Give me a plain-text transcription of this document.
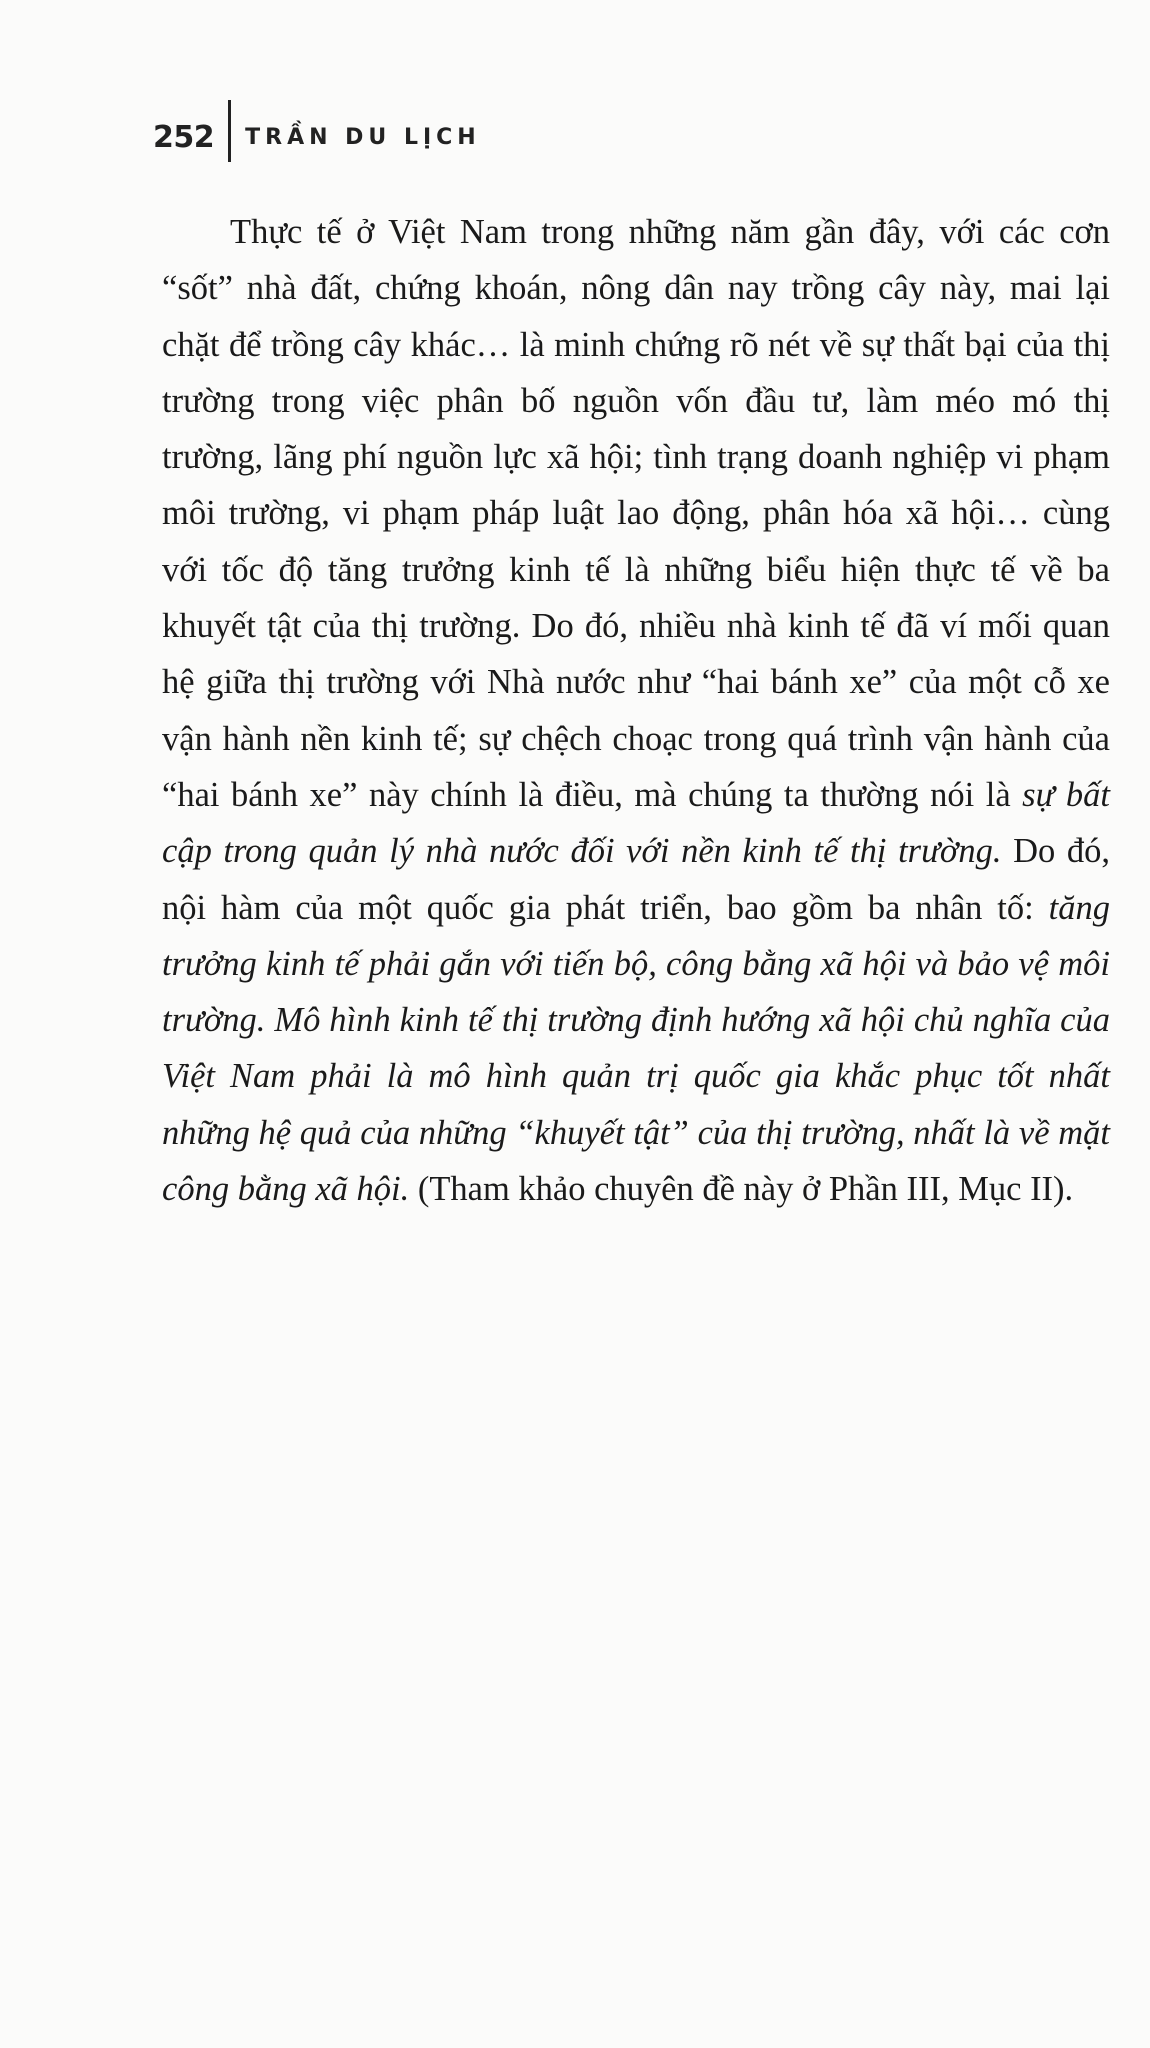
252 TRẦN DU LỊCH

Thực tế ở Việt Nam trong những năm gần đây, với các cơn “sốt” nhà đất, chứng khoán, nông dân nay trồng cây này, mai lại chặt để trồng cây khác… là minh chứng rõ nét về sự thất bại của thị trường trong việc phân bố nguồn vốn đầu tư, làm méo mó thị trường, lãng phí nguồn lực xã hội; tình trạng doanh nghiệp vi phạm môi trường, vi phạm pháp luật lao động, phân hóa xã hội… cùng với tốc độ tăng trưởng kinh tế là những biểu hiện thực tế về ba khuyết tật của thị trường. Do đó, nhiều nhà kinh tế đã ví mối quan hệ giữa thị trường với Nhà nước như “hai bánh xe” của một cỗ xe vận hành nền kinh tế; sự chệch choạc trong quá trình vận hành của “hai bánh xe” này chính là điều, mà chúng ta thường nói là sự bất cập trong quản lý nhà nước đối với nền kinh tế thị trường. Do đó, nội hàm của một quốc gia phát triển, bao gồm ba nhân tố: tăng trưởng kinh tế phải gắn với tiến bộ, công bằng xã hội và bảo vệ môi trường. Mô hình kinh tế thị trường định hướng xã hội chủ nghĩa của Việt Nam phải là mô hình quản trị quốc gia khắc phục tốt nhất những hệ quả của những “khuyết tật” của thị trường, nhất là về mặt công bằng xã hội. (Tham khảo chuyên đề này ở Phần III, Mục II).
